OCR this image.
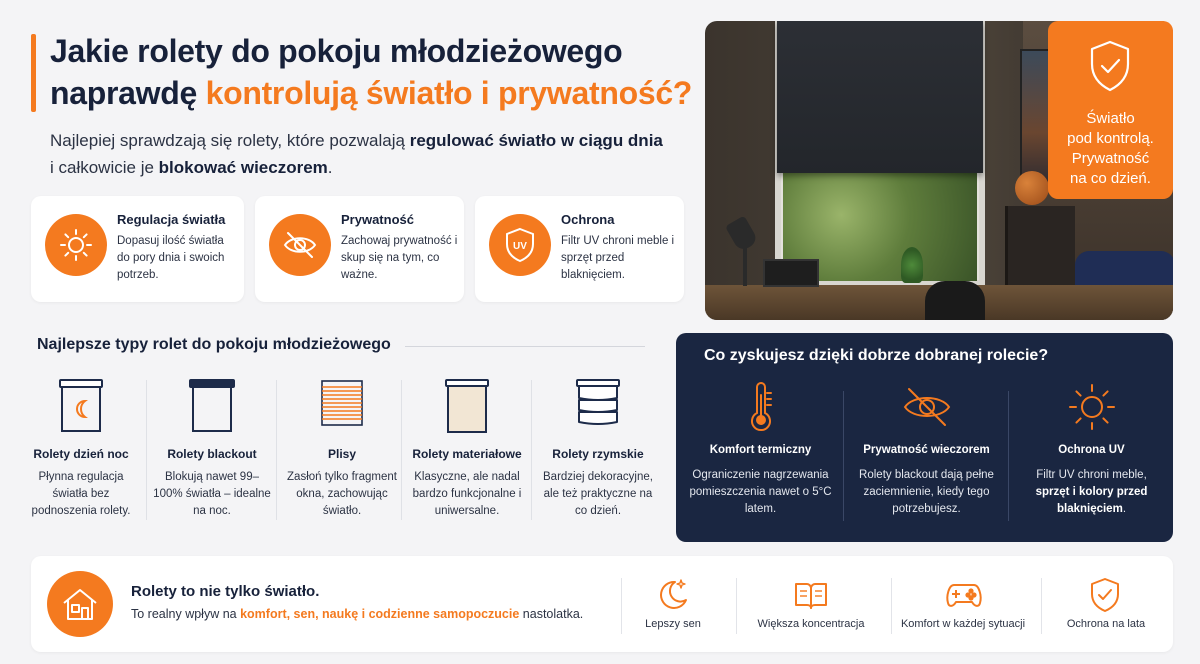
Jakie rolety do pokoju młodzieżowego
naprawdę kontrolują światło i prywatność?

Najlepiej sprawdzają się rolety, które pozwalają regulować światło w ciągu dnia
i całkowicie je blokować wieczorem.

Regulacja światła
Dopasuj ilość światła do pory dnia i swoich potrzeb.
Prywatność
Zachowaj prywatność i skup się na tym, co ważne.
UV
Ochrona
Filtr UV chroni meble i sprzęt przed blaknięciem.
Światło
pod kontrolą.
Prywatność
na co dzień.
Najlepsze typy rolet do pokoju młodzieżowego
Rolety dzień noc
Płynna regulacja światła bez podnoszenia rolety.
Rolety blackout
Blokują nawet 99–100% światła – idealne na noc.
Plisy
Zasłoń tylko fragment okna, zachowując światło.
Rolety materiałowe
Klasyczne, ale nadal bardzo funkcjonalne i uniwersalne.
Rolety rzymskie
Bardziej dekoracyjne, ale też praktyczne na co dzień.
Co zyskujesz dzięki dobrze dobranej rolecie?
Komfort termiczny
Ograniczenie nagrzewania pomieszczenia nawet o 5°C latem.
Prywatność wieczorem
Rolety blackout dają pełne zaciemnienie, kiedy tego potrzebujesz.
Ochrona UV
Filtr UV chroni meble, sprzęt i kolory przed blaknięciem.
Rolety to nie tylko światło.
To realny wpływ na komfort, sen, naukę i codzienne samopoczucie nastolatka.
Lepszy sen	Większa koncentracja	Komfort w każdej sytuacji	Ochrona na lata
